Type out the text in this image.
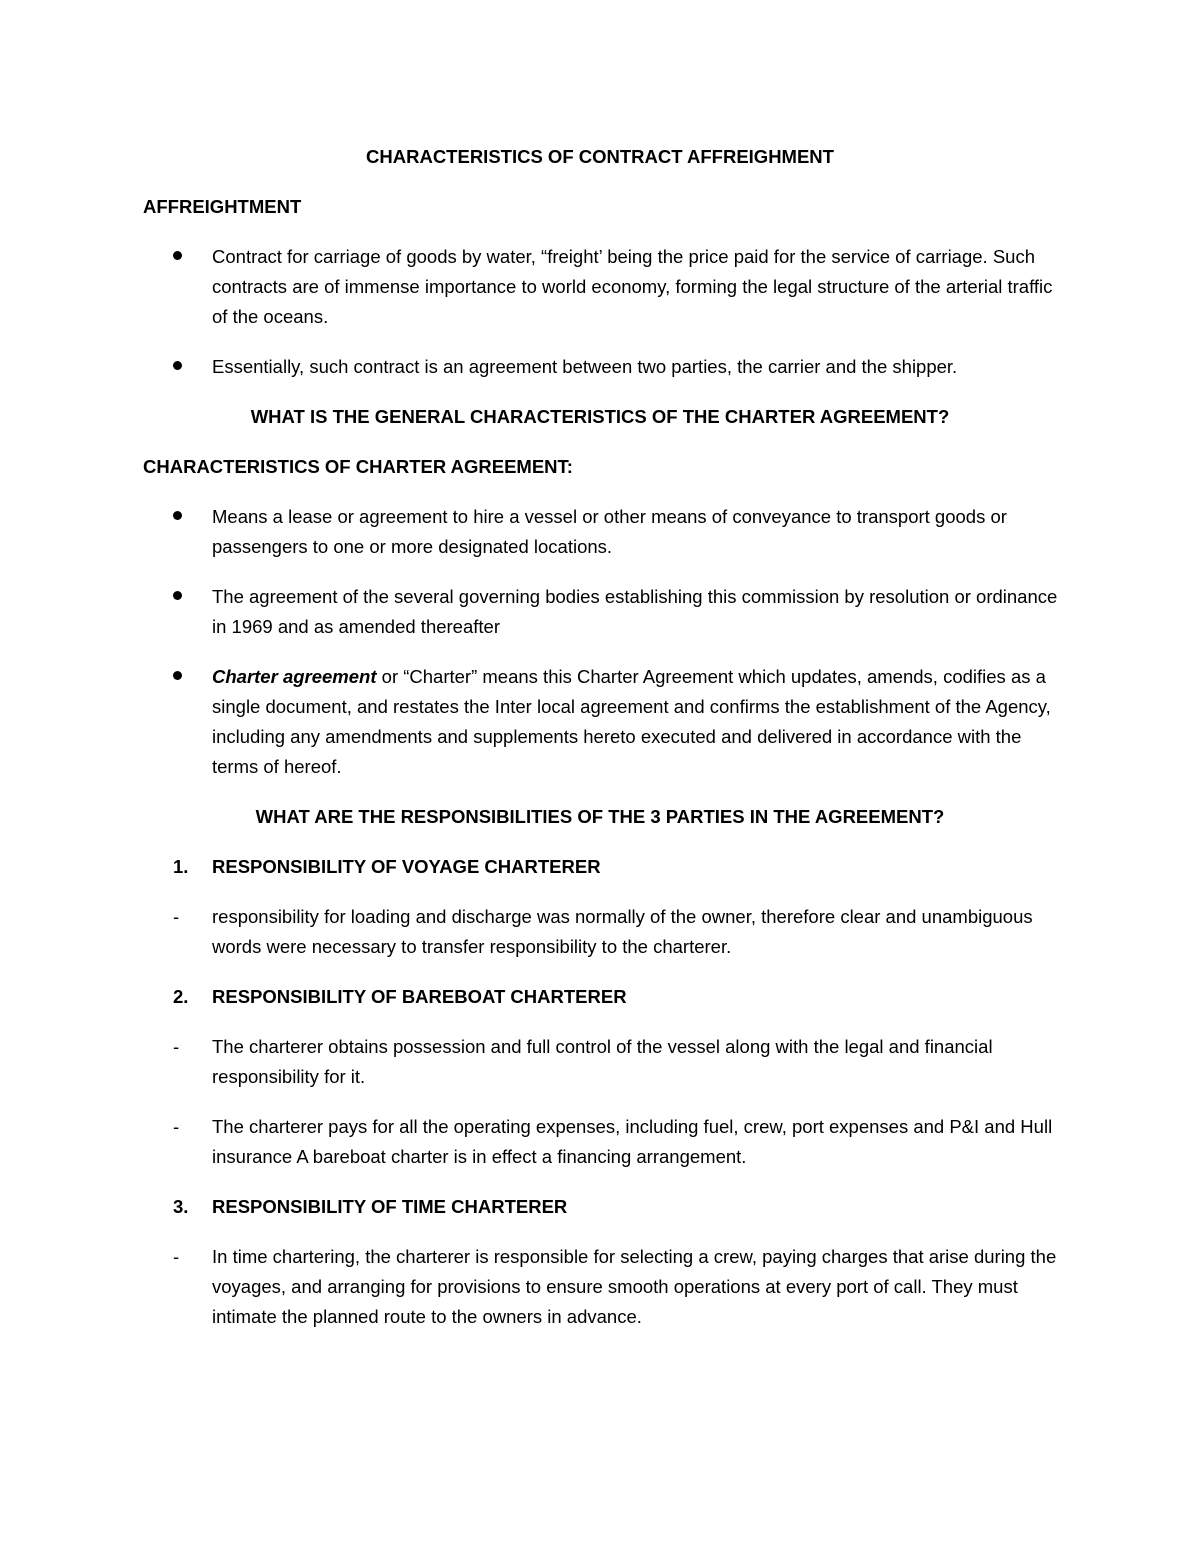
CHARACTERISTICS OF CONTRACT AFFREIGHMENT
AFFREIGHTMENT
Contract for carriage of goods by water, “freight’ being the price paid for the service of carriage. Such contracts are of immense importance to world economy, forming the legal structure of the arterial traffic of the oceans.
Essentially, such contract is an agreement between two parties, the carrier and the shipper.
WHAT IS THE GENERAL CHARACTERISTICS OF THE CHARTER AGREEMENT?
CHARACTERISTICS OF CHARTER AGREEMENT:
Means a lease or agreement to hire a vessel or other means of conveyance to transport goods or passengers to one or more designated locations.
The agreement of the several governing bodies establishing this commission by resolution or ordinance in 1969 and as amended thereafter
Charter agreement or “Charter” means this Charter Agreement which updates, amends, codifies as a single document, and restates the Inter local agreement and confirms the establishment of the Agency, including any amendments and supplements hereto executed and delivered in accordance with the terms of hereof.
WHAT ARE THE RESPONSIBILITIES OF THE 3 PARTIES IN THE AGREEMENT?
1. RESPONSIBILITY OF VOYAGE CHARTERER
- responsibility for loading and discharge was normally of the owner, therefore clear and unambiguous words were necessary to transfer responsibility to the charterer.
2. RESPONSIBILITY OF BAREBOAT CHARTERER
- The charterer obtains possession and full control of the vessel along with the legal and financial responsibility for it.
- The charterer pays for all the operating expenses, including fuel, crew, port expenses and P&I and Hull insurance A bareboat charter is in effect a financing arrangement.
3. RESPONSIBILITY OF TIME CHARTERER
- In time chartering, the charterer is responsible for selecting a crew, paying charges that arise during the voyages, and arranging for provisions to ensure smooth operations at every port of call. They must intimate the planned route to the owners in advance.
